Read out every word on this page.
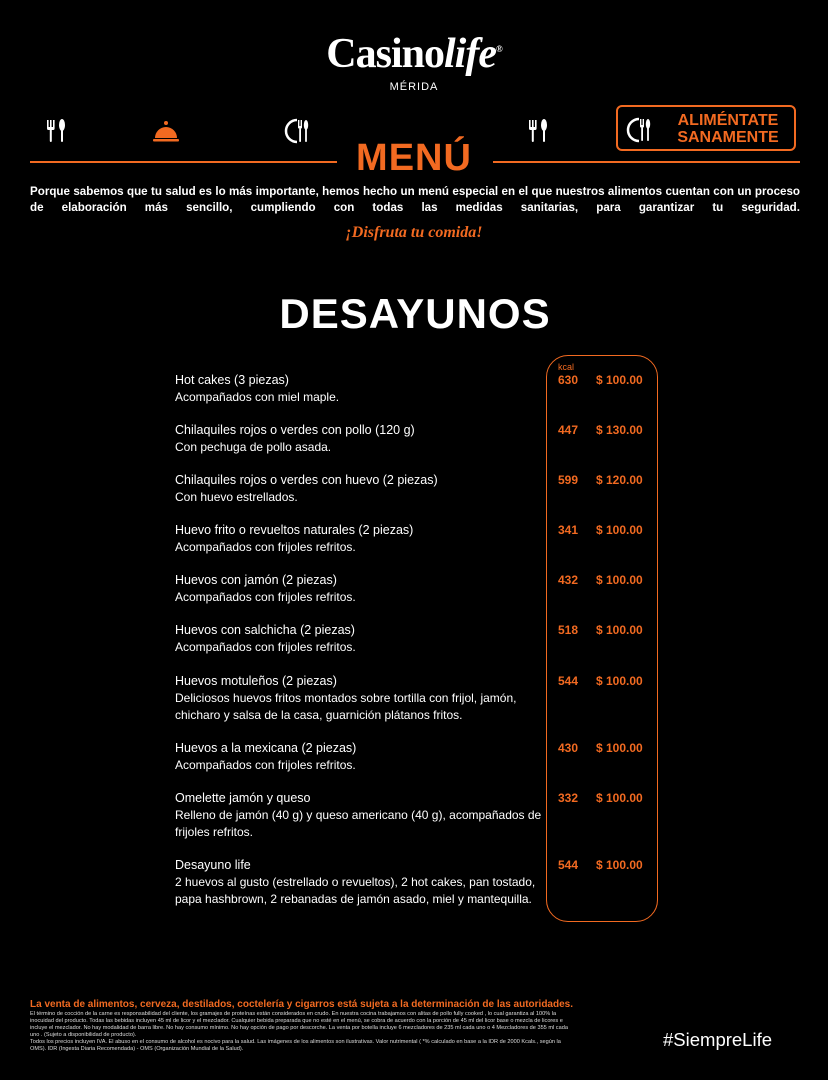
Casinolife®
MÉRIDA
ALIMÉNTATE
SANAMENTE
MENÚ
Porque sabemos que tu salud es lo más importante, hemos hecho un menú especial en el que nuestros alimentos cuentan con un proceso de elaboración más sencillo, cumpliendo con todas las medidas sanitarias, para garantizar tu seguridad.
¡Disfruta tu comida!
DESAYUNOS
kcal
Hot cakes (3 piezas)
Acompañados con miel maple.
630 $ 100.00
Chilaquiles rojos o verdes con pollo (120 g)
Con pechuga de pollo asada.
447 $ 130.00
Chilaquiles rojos o verdes con huevo (2 piezas)
Con huevo estrellados.
599 $ 120.00
Huevo frito o revueltos naturales (2 piezas)
Acompañados con frijoles refritos.
341 $ 100.00
Huevos con jamón (2 piezas)
Acompañados con frijoles refritos.
432 $ 100.00
Huevos con salchicha (2 piezas)
Acompañados con frijoles refritos.
518 $ 100.00
Huevos motuleños (2 piezas)
Deliciosos huevos fritos montados sobre tortilla con frijol, jamón, chicharo y salsa de la casa, guarnición plátanos fritos.
544 $ 100.00
Huevos a la mexicana (2 piezas)
Acompañados con frijoles refritos.
430 $ 100.00
Omelette jamón y queso
Relleno de jamón (40 g) y queso americano (40 g), acompañados de frijoles refritos.
332 $ 100.00
Desayuno life
2 huevos al gusto (estrellado o revueltos), 2 hot cakes, pan tostado, papa hashbrown, 2 rebanadas de jamón asado, miel y mantequilla.
544 $ 100.00
La venta de alimentos, cerveza, destilados, coctelería y cigarros está sujeta a la determinación de las autoridades.
El término de cocción de la carne es responsabilidad del cliente, los gramajes de proteínas están considerados en crudo. En nuestra cocina trabajamos con alitas de pollo fully cooked , lo cual garantiza al 100% la
inocuidad del producto. Todas las bebidas incluyen 45 ml de licor y el mezclador. Cualquier bebida preparada que no esté en el menú, se cobra de acuerdo con la porción de 45 ml del licor base o mezcla de licores e
incluye el mezclador. No hay modalidad de barra libre. No hay consumo mínimo. No hay opción de pago por descorche. La venta por botella incluye 6 mezcladores de 235 ml cada uno o 4 Mezcladores de 355 ml cada
uno . (Sujeto a disponibilidad de producto).
Todos los precios incluyen IVA. El abuso en el consumo de alcohol es nocivo para la salud. Las imágenes de los alimentos son ilustrativas. Valor nutrimental ( *% calculado en base a la IDR de 2000 Kcals., según la
OMS). IDR (Ingesta Diaria Recomendada) - OMS (Organización Mundial de la Salud).	#SiempreLife
